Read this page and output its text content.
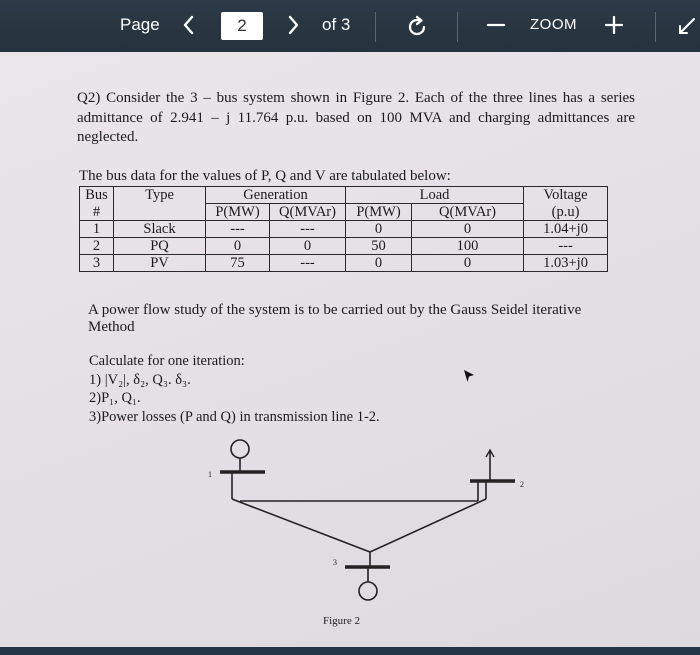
Page
2	of 3	ZOOM
Q2) Consider the 3 – bus system shown in Figure 2. Each of the three lines has a series admittance of 2.941 – j 11.764 p.u. based on 100 MVA and charging admittances are neglected.
The bus data for the values of P, Q and V are tabulated below:
Bus	Type	Generation		Load		Voltage
#		P(MW)	Q(MVAr)	P(MW)	Q(MVAr)	(p.u)
1	Slack	---	---	0	0	1.04+j0
2	PQ	0	0	50	100	---
3	PV	75	---	0	0	1.03+j0
A power flow study of the system is to be carried out by the Gauss Seidel iterative Method
Calculate for one iteration:
1) |V₂|, δ₂, Q₃. δ₃.
2)P₁, Q₁.
3)Power losses (P and Q) in transmission line 1-2.
1
2
3
Figure 2
